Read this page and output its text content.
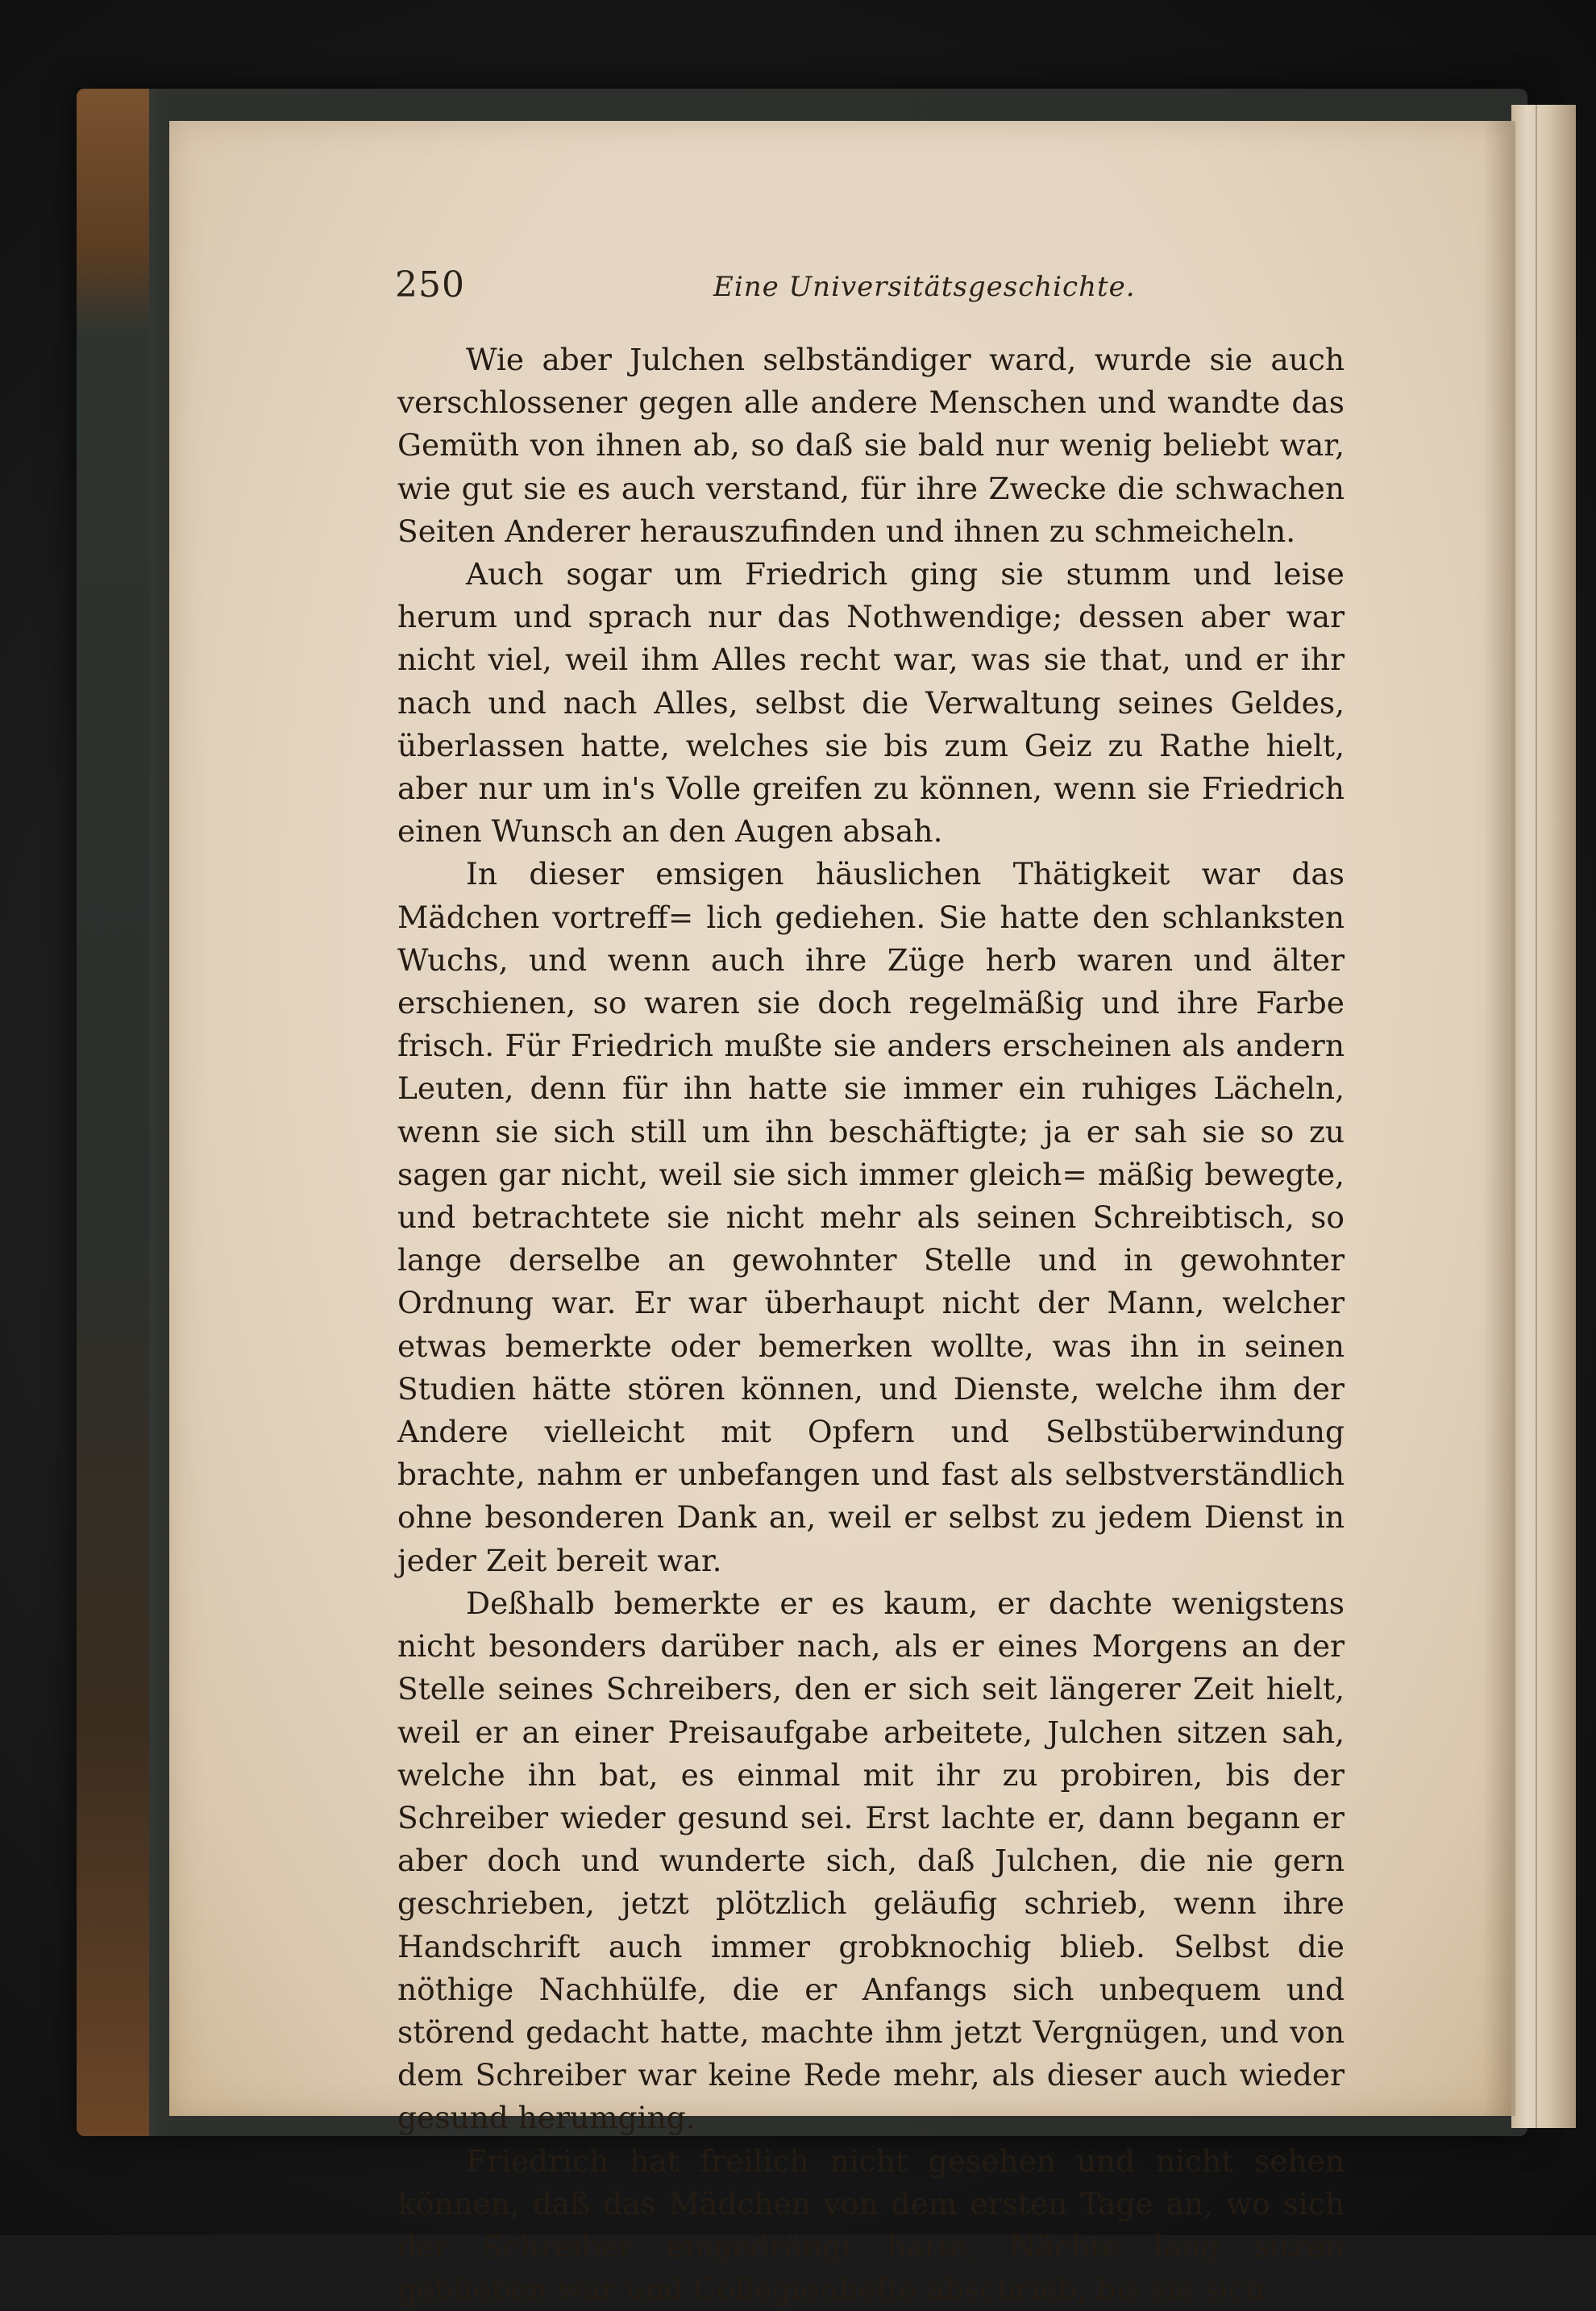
250	Eine Universitätsgeschichte.

Wie aber Julchen selbständiger ward, wurde sie auch verschlossener gegen alle andere Menschen und wandte das Gemüth von ihnen ab, so daß sie bald nur wenig beliebt war, wie gut sie es auch verstand, für ihre Zwecke die schwachen Seiten Anderer herauszufinden und ihnen zu schmeicheln.

Auch sogar um Friedrich ging sie stumm und leise herum und sprach nur das Nothwendige; dessen aber war nicht viel, weil ihm Alles recht war, was sie that, und er ihr nach und nach Alles, selbst die Verwaltung seines Geldes, überlassen hatte, welches sie bis zum Geiz zu Rathe hielt, aber nur um in's Volle greifen zu können, wenn sie Friedrich einen Wunsch an den Augen absah.

In dieser emsigen häuslichen Thätigkeit war das Mädchen vortreff= lich gediehen. Sie hatte den schlanksten Wuchs, und wenn auch ihre Züge herb waren und älter erschienen, so waren sie doch regelmäßig und ihre Farbe frisch. Für Friedrich mußte sie anders erscheinen als andern Leuten, denn für ihn hatte sie immer ein ruhiges Lächeln, wenn sie sich still um ihn beschäftigte; ja er sah sie so zu sagen gar nicht, weil sie sich immer gleich= mäßig bewegte, und betrachtete sie nicht mehr als seinen Schreibtisch, so lange derselbe an gewohnter Stelle und in gewohnter Ordnung war. Er war überhaupt nicht der Mann, welcher etwas bemerkte oder bemerken wollte, was ihn in seinen Studien hätte stören können, und Dienste, welche ihm der Andere vielleicht mit Opfern und Selbstüberwindung brachte, nahm er unbefangen und fast als selbstverständlich ohne besonderen Dank an, weil er selbst zu jedem Dienst in jeder Zeit bereit war.

Deßhalb bemerkte er es kaum, er dachte wenigstens nicht besonders darüber nach, als er eines Morgens an der Stelle seines Schreibers, den er sich seit längerer Zeit hielt, weil er an einer Preisaufgabe arbeitete, Julchen sitzen sah, welche ihn bat, es einmal mit ihr zu probiren, bis der Schreiber wieder gesund sei. Erst lachte er, dann begann er aber doch und wunderte sich, daß Julchen, die nie gern geschrieben, jetzt plötzlich geläufig schrieb, wenn ihre Handschrift auch immer grobknochig blieb. Selbst die nöthige Nachhülfe, die er Anfangs sich unbequem und störend gedacht hatte, machte ihm jetzt Vergnügen, und von dem Schreiber war keine Rede mehr, als dieser auch wieder gesund herumging.

Friedrich hat freilich nicht gesehen und nicht sehen können, daß das Mädchen von dem ersten Tage an, wo sich der Schreiber eingedrängt hatte, Nächte lang sitzen geblieben war und Collegienhefte abschrieb, bis sie sich
